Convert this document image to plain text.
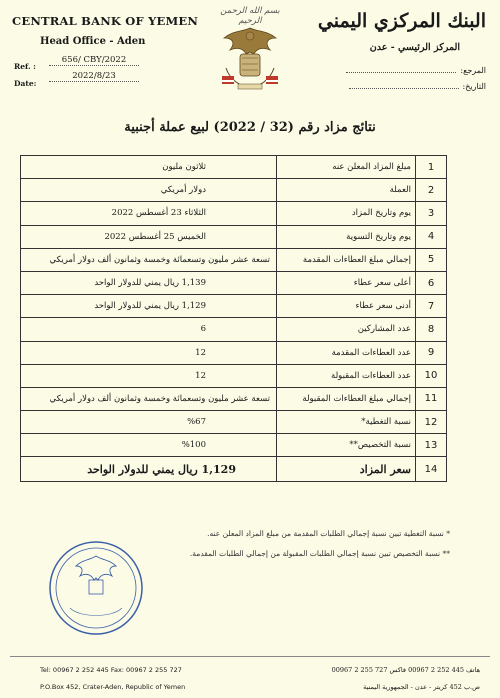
CENTRAL BANK OF YEMEN
Head Office - Aden
656/ CBY/2022
Ref. :
2022/8/23
Date:
بسم الله الرحمن الرحيم	البنك المركزي اليمني
المركز الرئيسي - عدن
المرجع:
التاريخ:
نتائج مزاد رقم (32 / 2022) لبيع عملة أجنبية
1	مبلغ المزاد المعلن عنه	ثلاثون مليون
2	العملة	دولار أمريكي
3	يوم وتاريخ المزاد	الثلاثاء 23 أغسطس 2022
4	يوم وتاريخ التسوية	الخميس 25 أغسطس 2022
5	إجمالي مبلغ العطاءات المقدمة	تسعة عشر مليون وتسعمائة وخمسة وثمانون ألف دولار أمريكي
6	أعلى سعر عطاء	1,139 ريال يمني للدولار الواحد
7	أدنى سعر عطاء	1,129 ريال يمني للدولار الواحد
8	عدد المشاركين	6
9	عدد العطاءات المقدمة	12
10	عدد العطاءات المقبولة	12
11	إجمالي مبلغ العطاءات المقبولة	تسعة عشر مليون وتسعمائة وخمسة وثمانون ألف دولار أمريكي
12	نسبة التغطية*	%67
13	نسبة التخصيص**	%100
14	سعر المزاد	1,129 ريال يمني للدولار الواحد
* نسبة التغطية تبين نسبة إجمالي الطلبات المقدمة من مبلغ المزاد المعلن عنه.
** نسبة التخصيص تبين نسبة إجمالي الطلبات المقبولة من إجمالي الطلبات المقدمة.
Tel: 00967 2 252 445 Fax: 00967 2 255 727
P.O.Box 452, Crater-Aden, Republic of Yemen
هاتف 445 252 2 00967 فاكس 727 255 2 00967
ص.ب 452 كريتر - عدن - الجمهورية اليمنية
